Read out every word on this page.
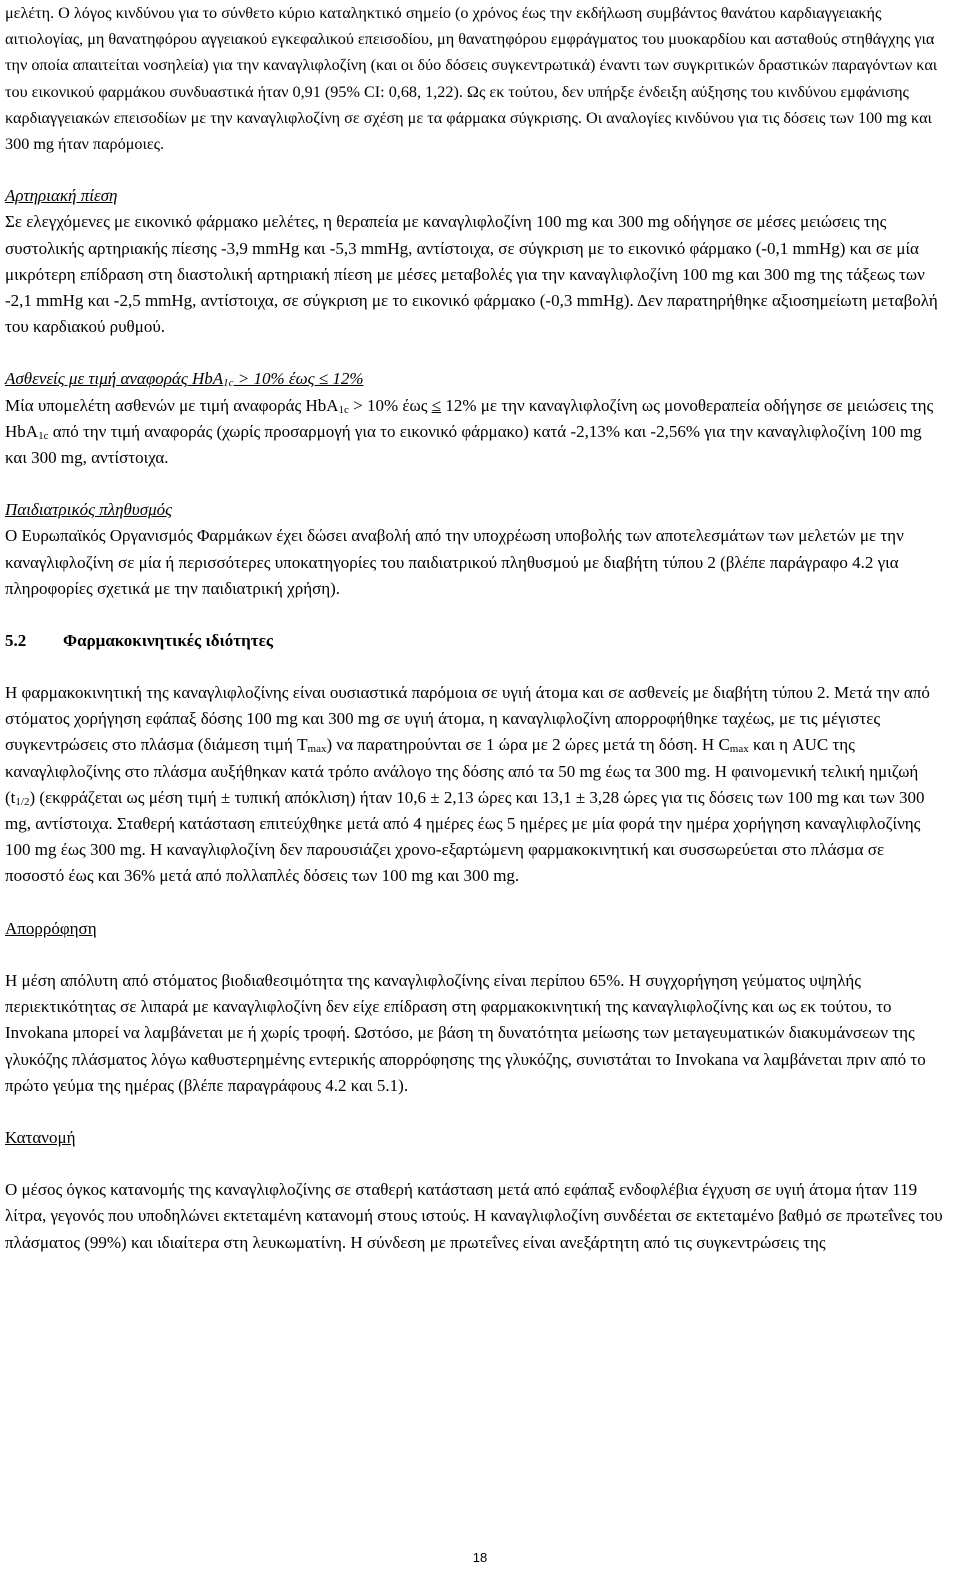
μελέτη. Ο λόγος κινδύνου για το σύνθετο κύριο καταληκτικό σημείο (ο χρόνος έως την εκδήλωση συμβάντος θανάτου καρδιαγγειακής αιτιολογίας, μη θανατηφόρου αγγειακού εγκεφαλικού επεισοδίου, μη θανατηφόρου εμφράγματος του μυοκαρδίου και ασταθούς στηθάγχης για την οποία απαιτείται νοσηλεία) για την καναγλιφλοζίνη (και οι δύο δόσεις συγκεντρωτικά) έναντι των συγκριτικών δραστικών παραγόντων και του εικονικού φαρμάκου συνδυαστικά ήταν 0,91 (95% CI: 0,68, 1,22). Ως εκ τούτου, δεν υπήρξε ένδειξη αύξησης του κινδύνου εμφάνισης καρδιαγγειακών επεισοδίων με την καναγλιφλοζίνη σε σχέση με τα φάρμακα σύγκρισης. Οι αναλογίες κινδύνου για τις δόσεις των 100 mg και 300 mg ήταν παρόμοιες.

Αρτηριακή πίεση

Σε ελεγχόμενες με εικονικό φάρμακο μελέτες, η θεραπεία με καναγλιφλοζίνη 100 mg και 300 mg οδήγησε σε μέσες μειώσεις της συστολικής αρτηριακής πίεσης -3,9 mmHg και -5,3 mmHg, αντίστοιχα, σε σύγκριση με το εικονικό φάρμακο (-0,1 mmHg) και σε μία μικρότερη επίδραση στη διαστολική αρτηριακή πίεση με μέσες μεταβολές για την καναγλιφλοζίνη 100 mg και 300 mg της τάξεως των -2,1 mmHg και -2,5 mmHg, αντίστοιχα, σε σύγκριση με το εικονικό φάρμακο (-0,3 mmHg). Δεν παρατηρήθηκε αξιοσημείωτη μεταβολή του καρδιακού ρυθμού.

Ασθενείς με τιμή αναφοράς HbA$_{1c}$ > 10% έως ≤ 12%

Μία υπομελέτη ασθενών με τιμή αναφοράς HbA$_{1c}$ > 10% έως ≤ 12% με την καναγλιφλοζίνη ως μονοθεραπεία οδήγησε σε μειώσεις της HbA$_{1c}$ από την τιμή αναφοράς (χωρίς προσαρμογή για το εικονικό φάρμακο) κατά -2,13% και -2,56% για την καναγλιφλοζίνη 100 mg και 300 mg, αντίστοιχα.

Παιδιατρικός πληθυσμός

Ο Ευρωπαϊκός Οργανισμός Φαρμάκων έχει δώσει αναβολή από την υποχρέωση υποβολής των αποτελεσμάτων των μελετών με την καναγλιφλοζίνη σε μία ή περισσότερες υποκατηγορίες του παιδιατρικού πληθυσμού με διαβήτη τύπου 2 (βλέπε παράγραφο 4.2 για πληροφορίες σχετικά με την παιδιατρική χρήση).

5.2 Φαρμακοκινητικές ιδιότητες

Η φαρμακοκινητική της καναγλιφλοζίνης είναι ουσιαστικά παρόμοια σε υγιή άτομα και σε ασθενείς με διαβήτη τύπου 2. Μετά την από στόματος χορήγηση εφάπαξ δόσης 100 mg και 300 mg σε υγιή άτομα, η καναγλιφλοζίνη απορροφήθηκε ταχέως, με τις μέγιστες συγκεντρώσεις στο πλάσμα (διάμεση τιμή $T_{max}$) να παρατηρούνται σε 1 ώρα με 2 ώρες μετά τη δόση. Η $C_{max}$ και η AUC της καναγλιφλοζίνης στο πλάσμα αυξήθηκαν κατά τρόπο ανάλογο της δόσης από τα 50 mg έως τα 300 mg. Η φαινομενική τελική ημιζωή $(t_{1/2})$ (εκφράζεται ως μέση τιμή ± τυπική απόκλιση) ήταν 10,6 ± 2,13 ώρες και 13,1 ± 3,28 ώρες για τις δόσεις των 100 mg και των 300 mg, αντίστοιχα. Σταθερή κατάσταση επιτεύχθηκε μετά από 4 ημέρες έως 5 ημέρες με μία φορά την ημέρα χορήγηση καναγλιφλοζίνης 100 mg έως 300 mg. Η καναγλιφλοζίνη δεν παρουσιάζει χρονο-εξαρτώμενη φαρμακοκινητική και συσσωρεύεται στο πλάσμα σε ποσοστό έως και 36% μετά από πολλαπλές δόσεις των 100 mg και 300 mg.

Απορρόφηση

Η μέση απόλυτη από στόματος βιοδιαθεσιμότητα της καναγλιφλοζίνης είναι περίπου 65%. Η συγχορήγηση γεύματος υψηλής περιεκτικότητας σε λιπαρά με καναγλιφλοζίνη δεν είχε επίδραση στη φαρμακοκινητική της καναγλιφλοζίνης και ως εκ τούτου, το Invokana μπορεί να λαμβάνεται με ή χωρίς τροφή. Ωστόσο, με βάση τη δυνατότητα μείωσης των μεταγευματικών διακυμάνσεων της γλυκόζης πλάσματος λόγω καθυστερημένης εντερικής απορρόφησης της γλυκόζης, συνιστάται το Invokana να λαμβάνεται πριν από το πρώτο γεύμα της ημέρας (βλέπε παραγράφους 4.2 και 5.1).

Κατανομή

Ο μέσος όγκος κατανομής της καναγλιφλοζίνης σε σταθερή κατάσταση μετά από εφάπαξ ενδοφλέβια έγχυση σε υγιή άτομα ήταν 119 λίτρα, γεγονός που υποδηλώνει εκτεταμένη κατανομή στους ιστούς. Η καναγλιφλοζίνη συνδέεται σε εκτεταμένο βαθμό σε πρωτεΐνες του πλάσματος (99%) και ιδιαίτερα στη λευκωματίνη. Η σύνδεση με πρωτεΐνες είναι ανεξάρτητη από τις συγκεντρώσεις της

18
